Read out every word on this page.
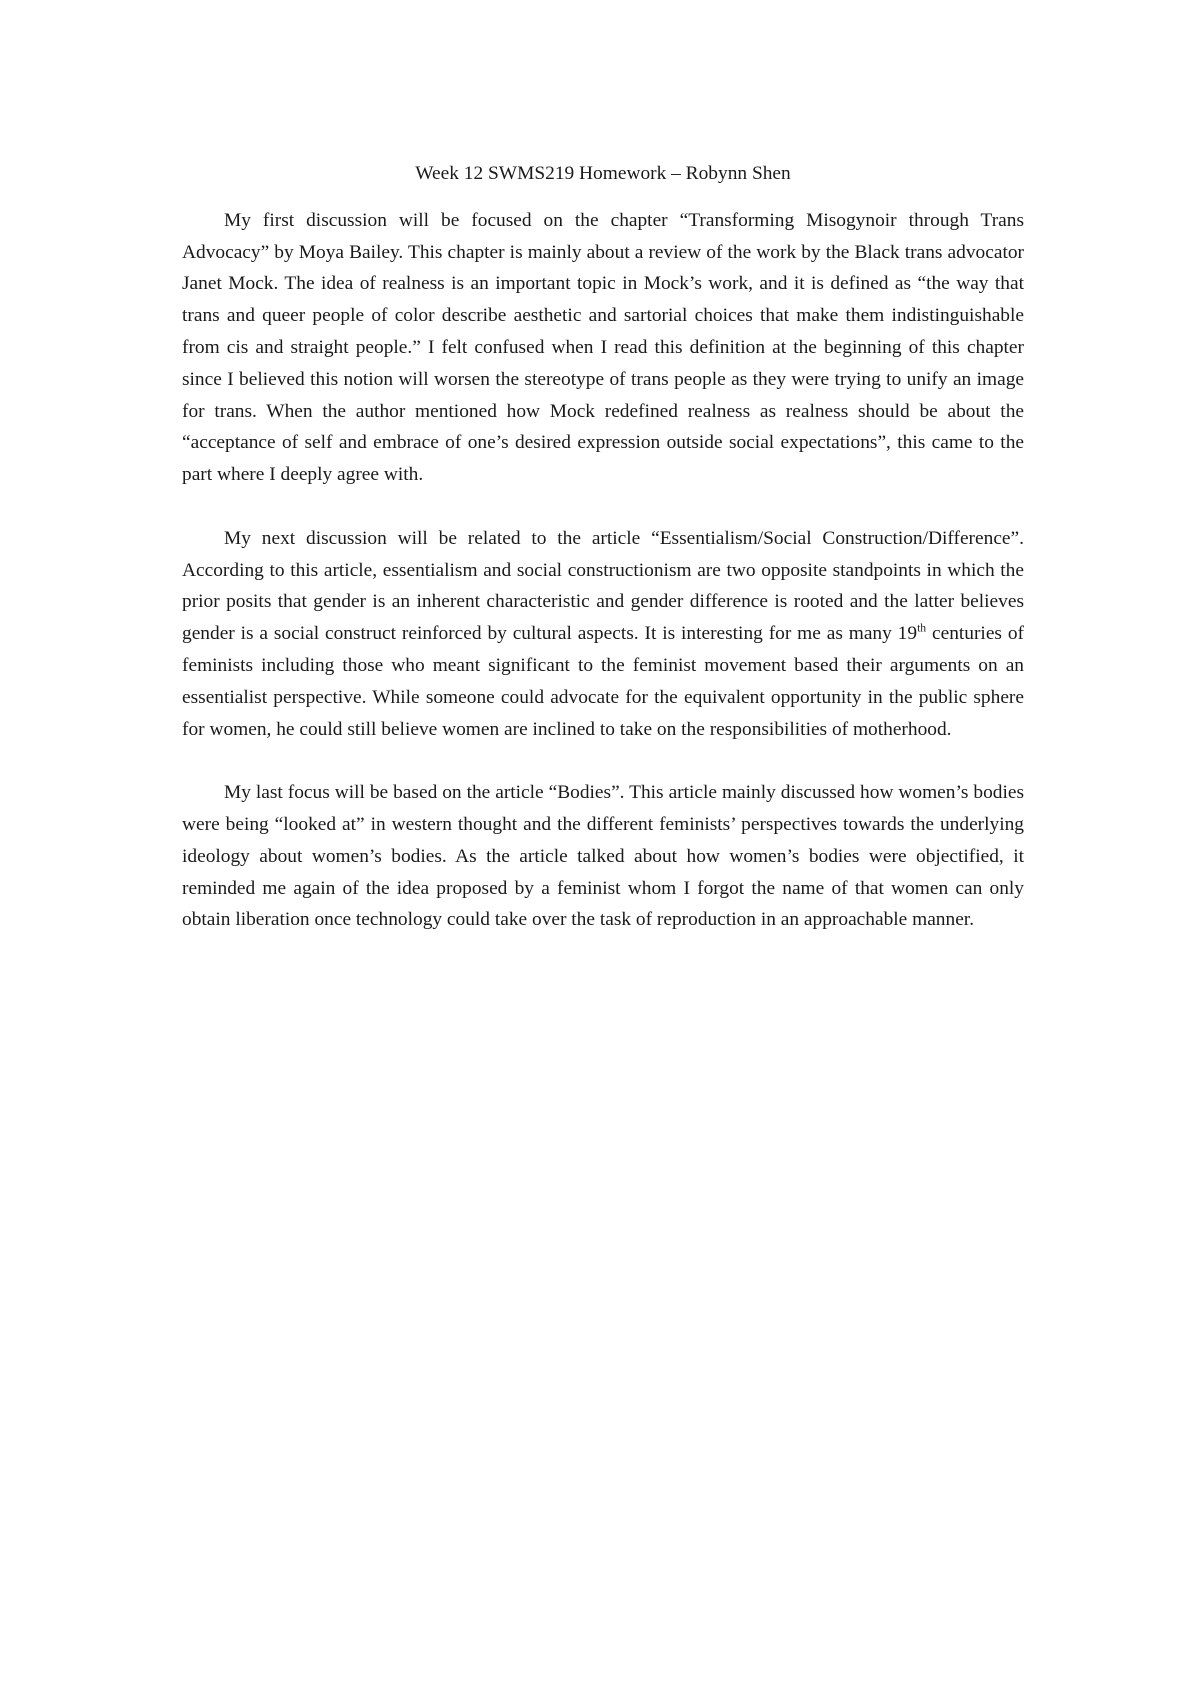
Week 12 SWMS219 Homework – Robynn Shen

My first discussion will be focused on the chapter “Transforming Misogynoir through Trans Advocacy” by Moya Bailey. This chapter is mainly about a review of the work by the Black trans advocator Janet Mock. The idea of realness is an important topic in Mock’s work, and it is defined as “the way that trans and queer people of color describe aesthetic and sartorial choices that make them indistinguishable from cis and straight people.” I felt confused when I read this definition at the beginning of this chapter since I believed this notion will worsen the stereotype of trans people as they were trying to unify an image for trans. When the author mentioned how Mock redefined realness as realness should be about the “acceptance of self and embrace of one’s desired expression outside social expectations”, this came to the part where I deeply agree with.

My next discussion will be related to the article “Essentialism/Social Construction/Difference”. According to this article, essentialism and social constructionism are two opposite standpoints in which the prior posits that gender is an inherent characteristic and gender difference is rooted and the latter believes gender is a social construct reinforced by cultural aspects. It is interesting for me as many 19th centuries of feminists including those who meant significant to the feminist movement based their arguments on an essentialist perspective. While someone could advocate for the equivalent opportunity in the public sphere for women, he could still believe women are inclined to take on the responsibilities of motherhood.

My last focus will be based on the article “Bodies”. This article mainly discussed how women’s bodies were being “looked at” in western thought and the different feminists’ perspectives towards the underlying ideology about women’s bodies. As the article talked about how women’s bodies were objectified, it reminded me again of the idea proposed by a feminist whom I forgot the name of that women can only obtain liberation once technology could take over the task of reproduction in an approachable manner.
